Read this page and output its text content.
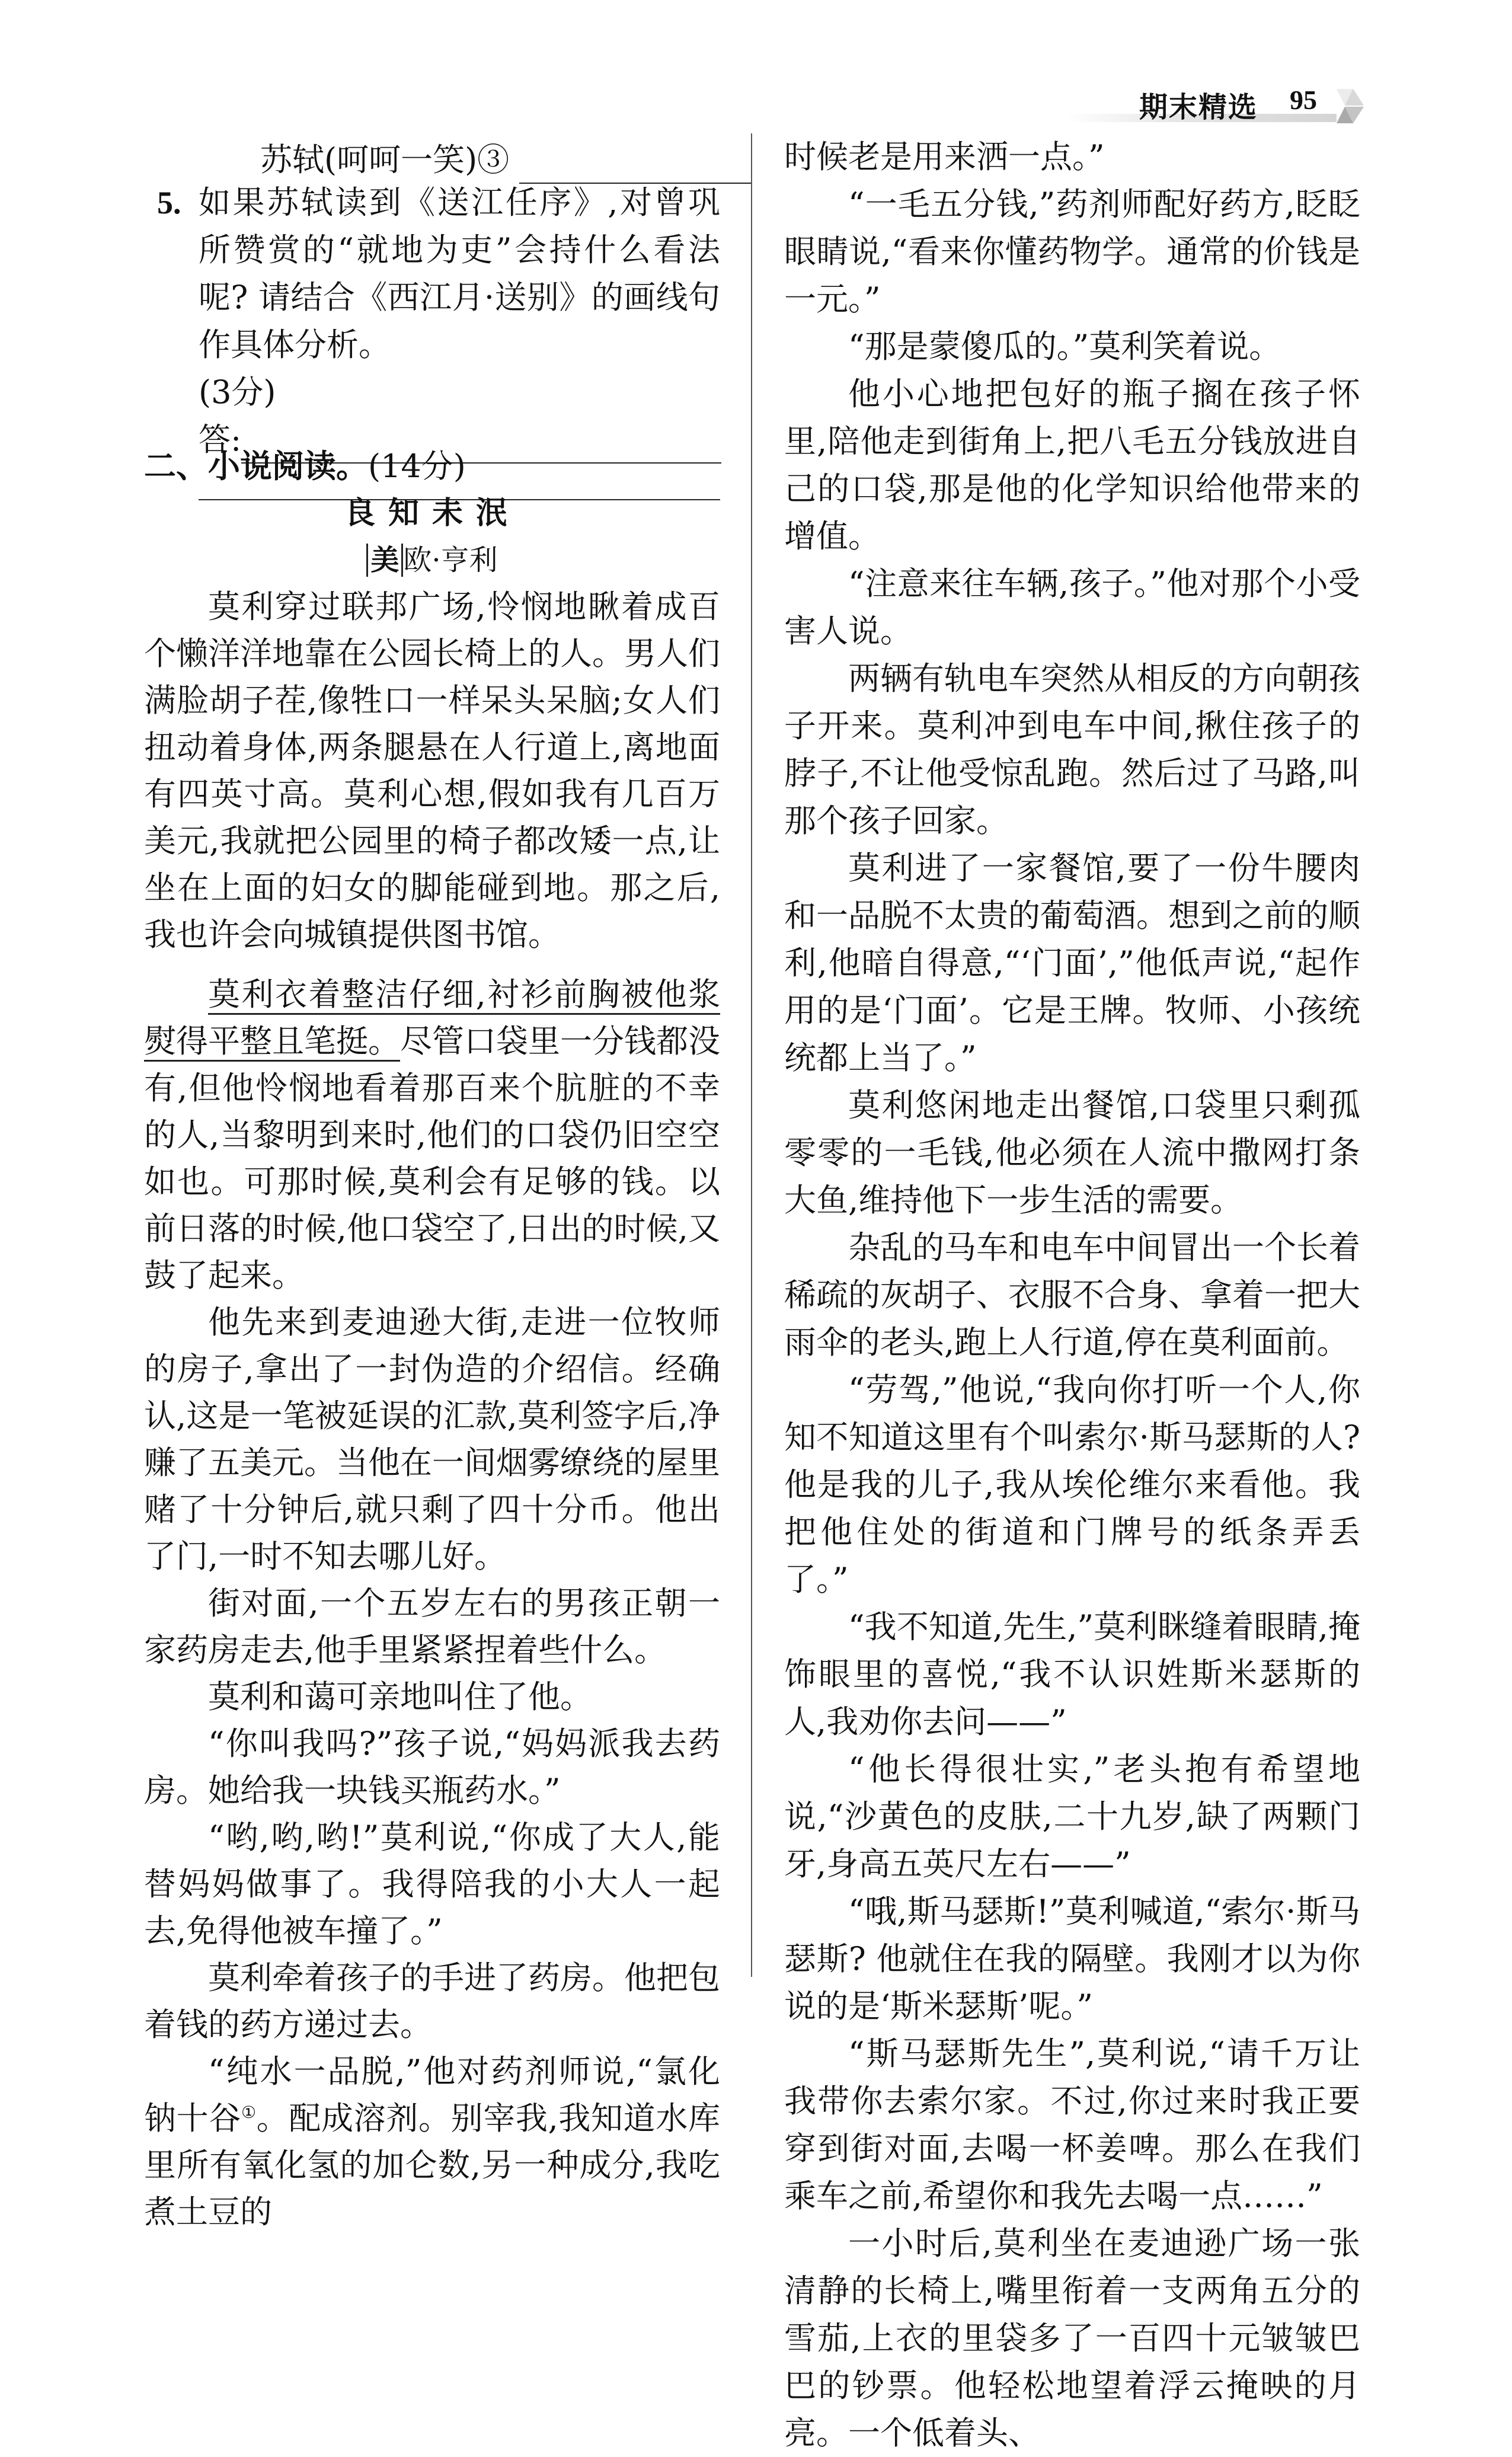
期末精选 95
苏轼(呵呵一笑)③
5. 如果苏轼读到《送江任序》,对曾巩所赞赏的“就地为吏”会持什么看法呢? 请结合《西江月·送别》的画线句作具体分析。

(3分)
答:
二、小说阅读。(14分)
良知未泯
美 欧·亨利

莫利穿过联邦广场,怜悯地瞅着成百个懒洋洋地靠在公园长椅上的人。男人们满脸胡子茬,像牲口一样呆头呆脑;女人们扭动着身体,两条腿悬在人行道上,离地面有四英寸高。莫利心想,假如我有几百万美元,我就把公园里的椅子都改矮一点,让坐在上面的妇女的脚能碰到地。那之后,我也许会向城镇提供图书馆。

莫利衣着整洁仔细,衬衫前胸被他浆熨得平整且笔挺。尽管口袋里一分钱都没有,但他怜悯地看着那百来个肮脏的不幸的人,当黎明到来时,他们的口袋仍旧空空如也。可那时候,莫利会有足够的钱。以前日落的时候,他口袋空了,日出的时候,又鼓了起来。

他先来到麦迪逊大街,走进一位牧师的房子,拿出了一封伪造的介绍信。经确认,这是一笔被延误的汇款,莫利签字后,净赚了五美元。当他在一间烟雾缭绕的屋里赌了十分钟后,就只剩了四十分币。他出了门,一时不知去哪儿好。

街对面,一个五岁左右的男孩正朝一家药房走去,他手里紧紧捏着些什么。

莫利和蔼可亲地叫住了他。

“你叫我吗?”孩子说,“妈妈派我去药房。她给我一块钱买瓶药水。”

“哟,哟,哟!”莫利说,“你成了大人,能替妈妈做事了。我得陪我的小大人一起去,免得他被车撞了。”

莫利牵着孩子的手进了药房。他把包着钱的药方递过去。

“纯水一品脱,”他对药剂师说,“氯化钠十谷①。配成溶剂。别宰我,我知道水库里所有氧化氢的加仑数,另一种成分,我吃煮土豆的

时候老是用来洒一点。”

“一毛五分钱,”药剂师配好药方,眨眨眼睛说,“看来你懂药物学。通常的价钱是一元。”

“那是蒙傻瓜的。”莫利笑着说。

他小心地把包好的瓶子搁在孩子怀里,陪他走到街角上,把八毛五分钱放进自己的口袋,那是他的化学知识给他带来的增值。

“注意来往车辆,孩子。”他对那个小受害人说。

两辆有轨电车突然从相反的方向朝孩子开来。莫利冲到电车中间,揪住孩子的脖子,不让他受惊乱跑。然后过了马路,叫那个孩子回家。

莫利进了一家餐馆,要了一份牛腰肉和一品脱不太贵的葡萄酒。想到之前的顺利,他暗自得意,“‘门面’,”他低声说,“起作用的是‘门面’。它是王牌。牧师、小孩统统都上当了。”

莫利悠闲地走出餐馆,口袋里只剩孤零零的一毛钱,他必须在人流中撒网打条大鱼,维持他下一步生活的需要。

杂乱的马车和电车中间冒出一个长着稀疏的灰胡子、衣服不合身、拿着一把大雨伞的老头,跑上人行道,停在莫利面前。

“劳驾,”他说,“我向你打听一个人,你知不知道这里有个叫索尔·斯马瑟斯的人? 他是我的儿子,我从埃伦维尔来看他。我把他住处的街道和门牌号的纸条弄丢了。”

“我不知道,先生,”莫利眯缝着眼睛,掩饰眼里的喜悦,“我不认识姓斯米瑟斯的人,我劝你去问——”

“他长得很壮实,”老头抱有希望地说,“沙黄色的皮肤,二十九岁,缺了两颗门牙,身高五英尺左右——”

“哦,斯马瑟斯!”莫利喊道,“索尔·斯马瑟斯? 他就住在我的隔壁。我刚才以为你说的是‘斯米瑟斯’呢。”

“斯马瑟斯先生”,莫利说,“请千万让我带你去索尔家。不过,你过来时我正要穿到街对面,去喝一杯姜啤。那么在我们乘车之前,希望你和我先去喝一点……”

一小时后,莫利坐在麦迪逊广场一张清静的长椅上,嘴里衔着一支两角五分的雪茄,上衣的里袋多了一百四十元皱皱巴巴的钞票。他轻松地望着浮云掩映的月亮。一个低着头、
